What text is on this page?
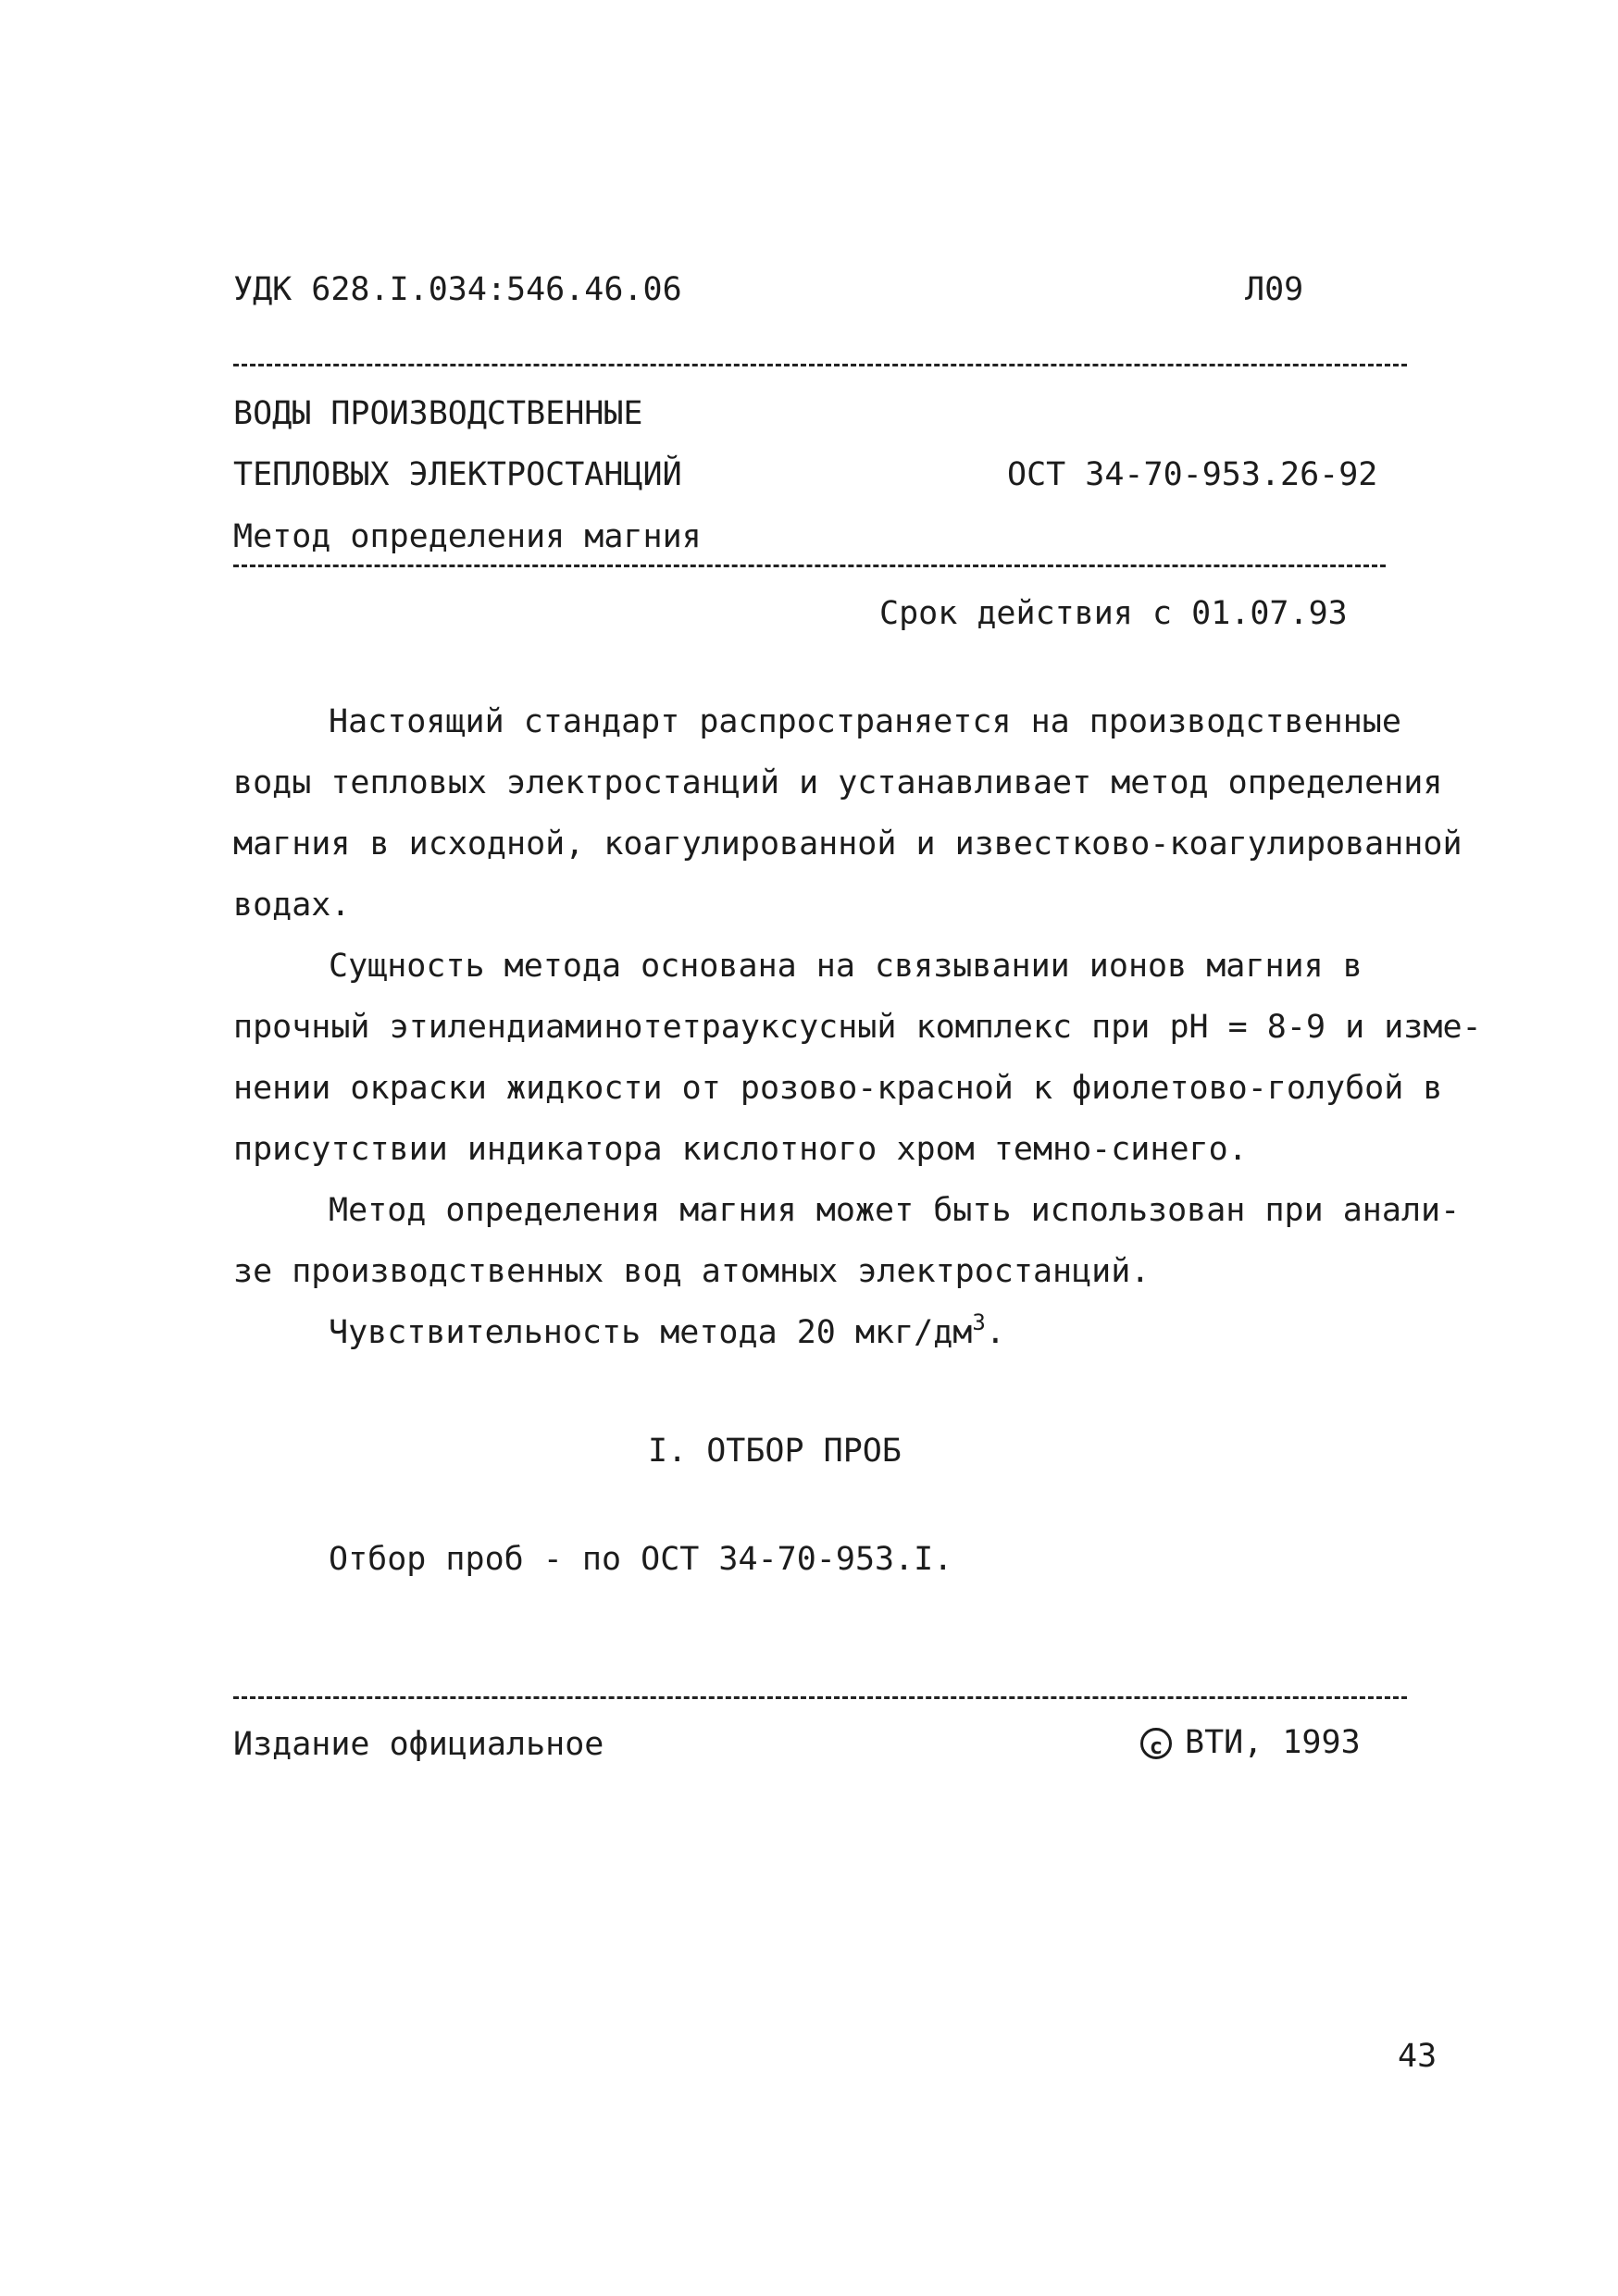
УДК 628.I.034:546.46.06	Л09
ВОДЫ ПРОИЗВОДСТВЕННЫЕ
ТЕПЛОВЫХ ЭЛЕКТРОСТАНЦИЙ	ОСТ 34-70-953.26-92
Метод определения магния
Срок действия с 01.07.93
Настоящий стандарт распространяется на производственные
воды тепловых электростанций и устанавливает метод определения
магния в исходной, коагулированной и известково-коагулированной
водах.
Сущность метода основана на связывании ионов магния в
прочный этилендиаминотетрауксусный комплекс при pH = 8-9 и изме-
нении окраски жидкости от розово-красной к фиолетово-голубой в
присутствии индикатора кислотного хром темно-синего.
Метод определения магния может быть использован при анали-
зе производственных вод атомных электростанций.
Чувствительность метода 20 мкг/$дм^3$.
I. ОТБОР ПРОБ
Отбор проб - по ОСТ 34-70-953.I.
Издание официальное	с ВТИ, 1993
43
